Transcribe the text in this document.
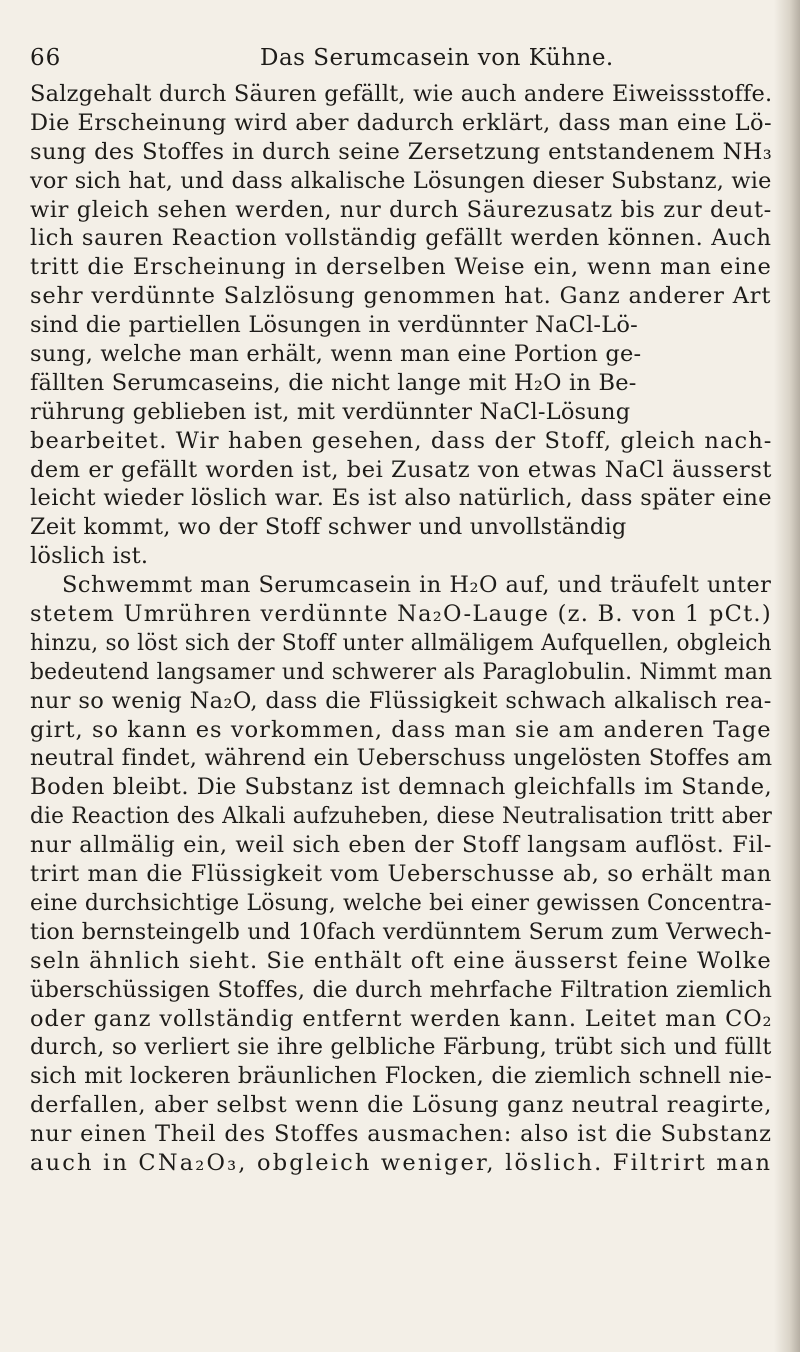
66	Das Serumcasein von Kühne.
Salzgehalt durch Säuren gefällt, wie auch andere Eiweissstoffe.
Die Erscheinung wird aber dadurch erklärt, dass man eine Lö-
sung des Stoffes in durch seine Zersetzung entstandenem NH₃
vor sich hat, und dass alkalische Lösungen dieser Substanz, wie
wir gleich sehen werden, nur durch Säurezusatz bis zur deut-
lich sauren Reaction vollständig gefällt werden können. Auch
tritt die Erscheinung in derselben Weise ein, wenn man eine
sehr verdünnte Salzlösung genommen hat. Ganz anderer Art
sind die partiellen Lösungen in verdünnter NaCl-Lö-
sung, welche man erhält, wenn man eine Portion ge-
fällten Serumcaseins, die nicht lange mit H₂O in Be-
rührung geblieben ist, mit verdünnter NaCl-Lösung
bearbeitet. Wir haben gesehen, dass der Stoff, gleich nach-
dem er gefällt worden ist, bei Zusatz von etwas NaCl äusserst
leicht wieder löslich war. Es ist also natürlich, dass später eine
Zeit kommt, wo der Stoff schwer und unvollständig
löslich ist.
Schwemmt man Serumcasein in H₂O auf, und träufelt unter
stetem Umrühren verdünnte Na₂O-Lauge (z. B. von 1 pCt.)
hinzu, so löst sich der Stoff unter allmäligem Aufquellen, obgleich
bedeutend langsamer und schwerer als Paraglobulin. Nimmt man
nur so wenig Na₂O, dass die Flüssigkeit schwach alkalisch rea-
girt, so kann es vorkommen, dass man sie am anderen Tage
neutral findet, während ein Ueberschuss ungelösten Stoffes am
Boden bleibt. Die Substanz ist demnach gleichfalls im Stande,
die Reaction des Alkali aufzuheben, diese Neutralisation tritt aber
nur allmälig ein, weil sich eben der Stoff langsam auflöst. Fil-
trirt man die Flüssigkeit vom Ueberschusse ab, so erhält man
eine durchsichtige Lösung, welche bei einer gewissen Concentra-
tion bernsteingelb und 10fach verdünntem Serum zum Verwech-
seln ähnlich sieht. Sie enthält oft eine äusserst feine Wolke
überschüssigen Stoffes, die durch mehrfache Filtration ziemlich
oder ganz vollständig entfernt werden kann. Leitet man CO₂
durch, so verliert sie ihre gelbliche Färbung, trübt sich und füllt
sich mit lockeren bräunlichen Flocken, die ziemlich schnell nie-
derfallen, aber selbst wenn die Lösung ganz neutral reagirte,
nur einen Theil des Stoffes ausmachen: also ist die Substanz
auch in CNa₂O₃, obgleich weniger, löslich. Filtrirt man
